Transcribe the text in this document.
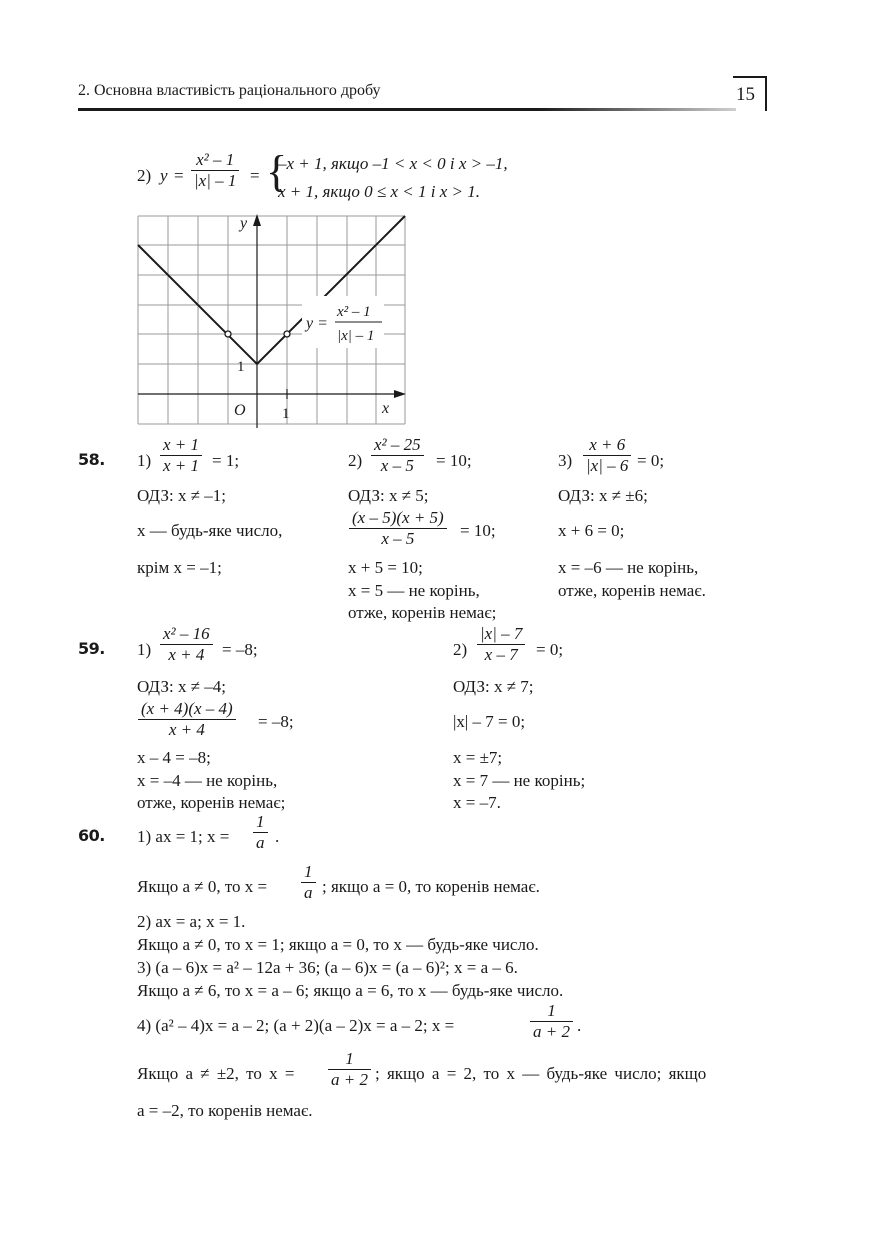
2. Основна властивість раціонального дробу	15
2) $y = \frac{\text{x² – 1}}{|x| - 1}$ = {
–x + 1, якщо –1 < x < 0 і x > –1,
x + 1, якщо 0 ≤ x < 1 і x > 1.
y
x
O 1
1
y =
x² – 1
|x| – 1
58. $1) \frac{x + 1}{x + 1} = 1$;
ОДЗ: x ≠ –1;
x — будь-яке число,
крім x = –1;
$2) \frac{\text{x² – 25}}{x - 5} = 10$;
ОДЗ: x ≠ 5;
$\frac{(x - 5)(x + 5)}{x - 5} = 10$;
x + 5 = 10;
x = 5 — не корінь,
отже, коренів немає;
$3) \frac{x + 6}{|x| - 6} = 0$;
ОДЗ: x ≠ ±6;
x + 6 = 0;
x = –6 — не корінь,
отже, коренів немає.
59. $1) \frac{\text{x² – 16}}{x + 4} = -8$;
ОДЗ: x ≠ –4;
$\frac{(x + 4)(x - 4)}{x + 4} = -8$;
x – 4 = –8;
x = –4 — не корінь,
отже, коренів немає;
$2) \frac{|x| - 7}{x - 7} = 0$;
ОДЗ: x ≠ 7;
|x| – 7 = 0;
x = ±7;
x = 7 — не корінь;
x = –7.
60. 1) ax = 1; $x = \frac{1}{a}$ .
Якщо a ≠ 0, то $x = \frac{1}{a}$ ; якщо a = 0, то коренів немає.
2) ax = a; x = 1.
Якщо a ≠ 0, то x = 1; якщо a = 0, то x — будь-яке число.
3) (a – 6)x = a² – 12a + 36; (a – 6)x = (a – 6)²; x = a – 6.
Якщо a ≠ 6, то x = a – 6; якщо a = 6, то x — будь-яке число.
4) (a² – 4)x = a – 2; (a + 2)(a – 2)x = a – 2; x =	$\frac{1}{a + 2}$ .
Якщо a ≠ ±2, то $x = \frac{1}{a + 2}$ ; якщо a = 2, то x — будь-яке число; якщо
a = –2, то коренів немає.
